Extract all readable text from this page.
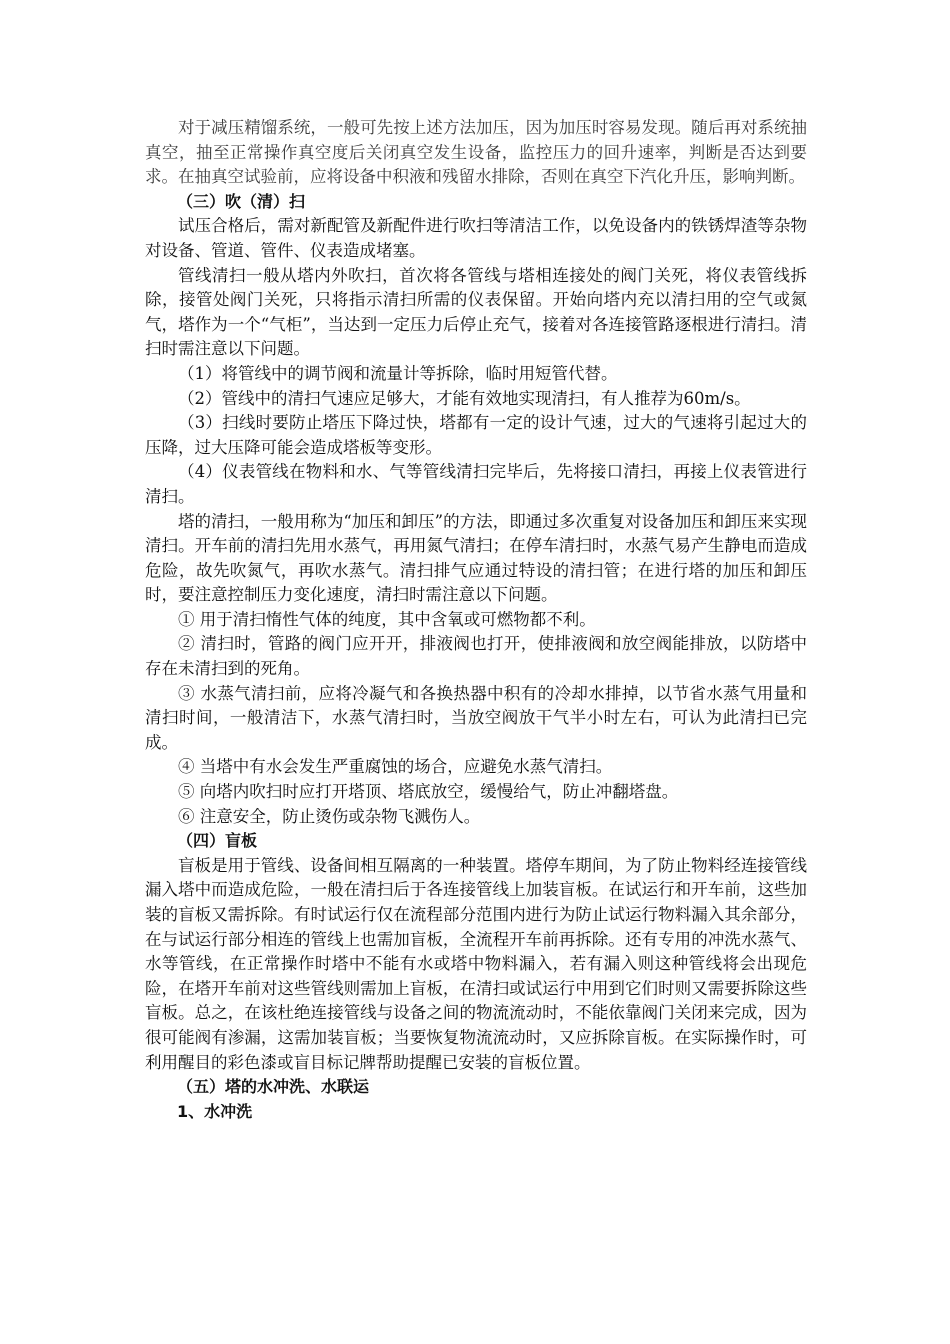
对于减压精馏系统，一般可先按上述方法加压，因为加压时容易发现。随后再对系统抽真空，抽至正常操作真空度后关闭真空发生设备，监控压力的回升速率，判断是否达到要求。在抽真空试验前，应将设备中积液和残留水排除，否则在真空下汽化升压，影响判断。

（三）吹（清）扫

试压合格后，需对新配管及新配件进行吹扫等清洁工作，以免设备内的铁锈焊渣等杂物对设备、管道、管件、仪表造成堵塞。

管线清扫一般从塔内外吹扫，首次将各管线与塔相连接处的阀门关死，将仪表管线拆除，接管处阀门关死，只将指示清扫所需的仪表保留。开始向塔内充以清扫用的空气或氮气，塔作为一个“气柜”，当达到一定压力后停止充气，接着对各连接管路逐根进行清扫。清扫时需注意以下问题。

（1）将管线中的调节阀和流量计等拆除，临时用短管代替。

（2）管线中的清扫气速应足够大，才能有效地实现清扫，有人推荐为60m/s。

（3）扫线时要防止塔压下降过快，塔都有一定的设计气速，过大的气速将引起过大的压降，过大压降可能会造成塔板等变形。

（4）仪表管线在物料和水、气等管线清扫完毕后，先将接口清扫，再接上仪表管进行清扫。

塔的清扫，一般用称为“加压和卸压”的方法，即通过多次重复对设备加压和卸压来实现清扫。开车前的清扫先用水蒸气，再用氮气清扫；在停车清扫时，水蒸气易产生静电而造成危险，故先吹氮气，再吹水蒸气。清扫排气应通过特设的清扫管；在进行塔的加压和卸压时，要注意控制压力变化速度，清扫时需注意以下问题。

① 用于清扫惰性气体的纯度，其中含氧或可燃物都不利。

② 清扫时，管路的阀门应开开，排液阀也打开，使排液阀和放空阀能排放，以防塔中存在未清扫到的死角。

③ 水蒸气清扫前，应将冷凝气和各换热器中积有的冷却水排掉，以节省水蒸气用量和清扫时间，一般清洁下，水蒸气清扫时，当放空阀放干气半小时左右，可认为此清扫已完成。

④ 当塔中有水会发生严重腐蚀的场合，应避免水蒸气清扫。

⑤ 向塔内吹扫时应打开塔顶、塔底放空，缓慢给气，防止冲翻塔盘。

⑥ 注意安全，防止烫伤或杂物飞溅伤人。

（四）盲板

盲板是用于管线、设备间相互隔离的一种装置。塔停车期间，为了防止物料经连接管线漏入塔中而造成危险，一般在清扫后于各连接管线上加装盲板。在试运行和开车前，这些加装的盲板又需拆除。有时试运行仅在流程部分范围内进行为防止试运行物料漏入其余部分，在与试运行部分相连的管线上也需加盲板，全流程开车前再拆除。还有专用的冲洗水蒸气、水等管线，在正常操作时塔中不能有水或塔中物料漏入，若有漏入则这种管线将会出现危险，在塔开车前对这些管线则需加上盲板，在清扫或试运行中用到它们时则又需要拆除这些盲板。总之，在该杜绝连接管线与设备之间的物流流动时，不能依靠阀门关闭来完成，因为很可能阀有渗漏，这需加装盲板；当要恢复物流流动时，又应拆除盲板。在实际操作时，可利用醒目的彩色漆或盲目标记牌帮助提醒已安装的盲板位置。

（五）塔的水冲洗、水联运

1、水冲洗
